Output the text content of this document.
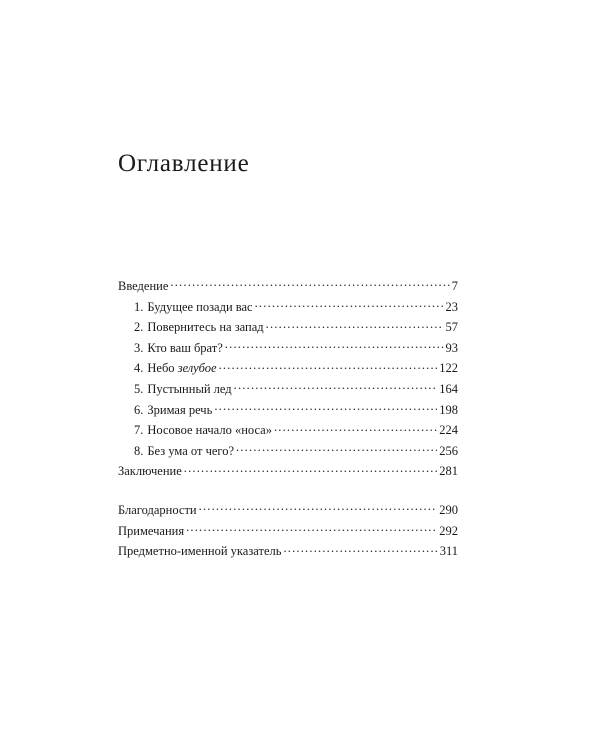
Оглавление
Введение .....	7
1. Будущее позади вас .....	23
2. Повернитесь на запад .....	57
3. Кто ваш брат? .....	93
4. Небо зелубое .....	122
5. Пустынный лед .....	164
6. Зримая речь .....	198
7. Носовое начало «носа» .....	224
8. Без ума от чего? .....	256
Заключение .....	281
Благодарности .....	290
Примечания .....	292
Предметно-именной указатель .....	311
